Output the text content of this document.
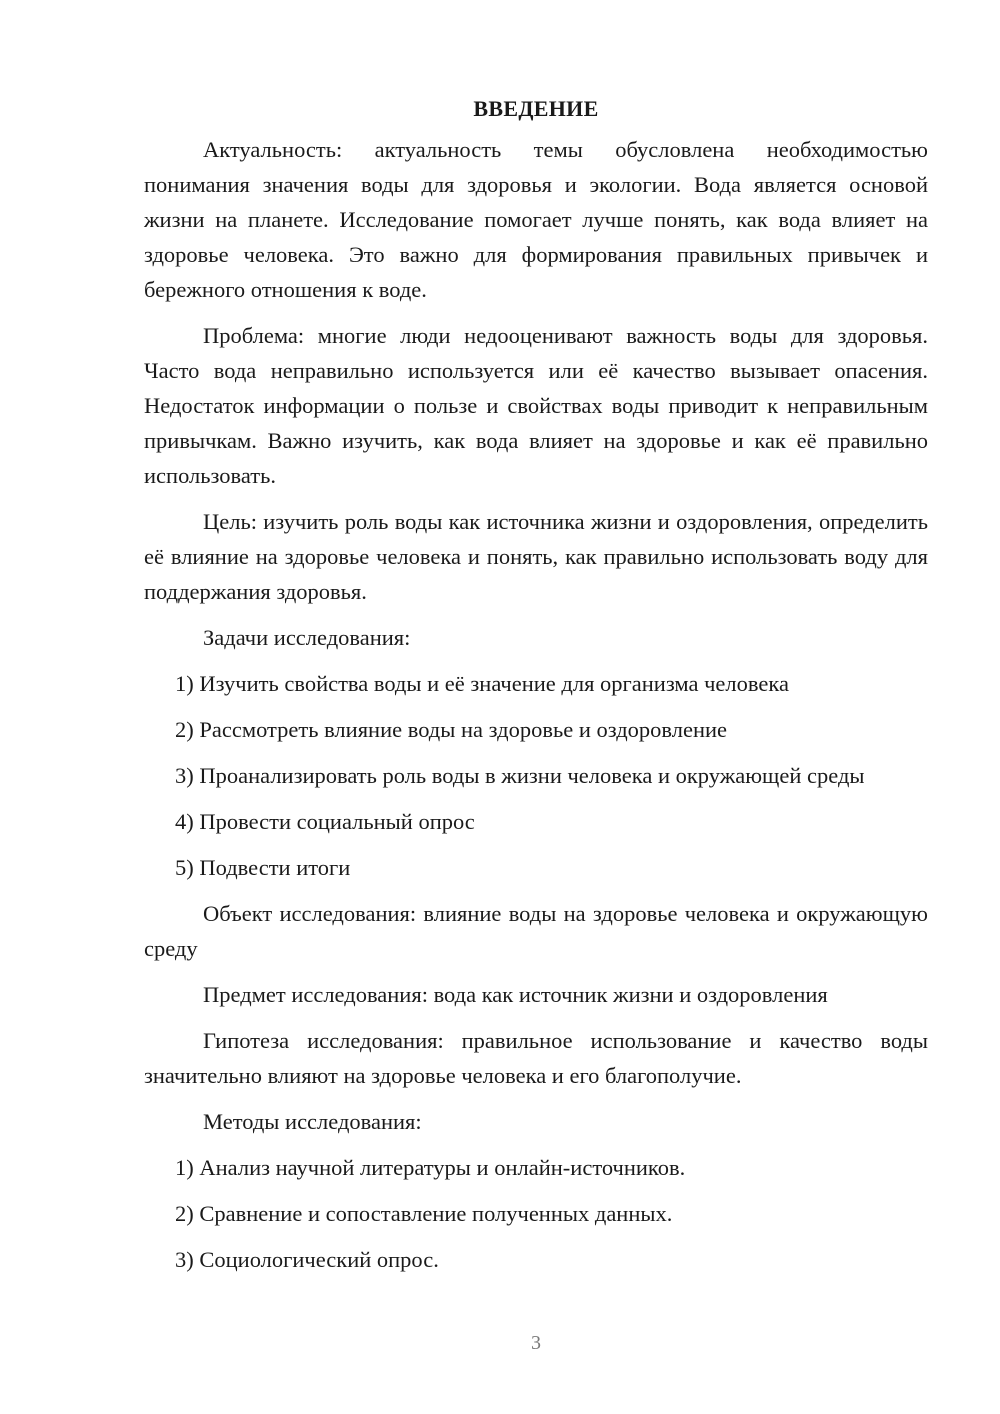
ВВЕДЕНИЕ

Актуальность: актуальность темы обусловлена необходимостью понимания значения воды для здоровья и экологии. Вода является основой жизни на планете. Исследование помогает лучше понять, как вода влияет на здоровье человека. Это важно для формирования правильных привычек и бережного отношения к воде.

Проблема: многие люди недооценивают важность воды для здоровья. Часто вода неправильно используется или её качество вызывает опасения. Недостаток информации о пользе и свойствах воды приводит к неправильным привычкам. Важно изучить, как вода влияет на здоровье и как её правильно использовать.

Цель: изучить роль воды как источника жизни и оздоровления, определить её влияние на здоровье человека и понять, как правильно использовать воду для поддержания здоровья.

Задачи исследования:

1) Изучить свойства воды и её значение для организма человека

2) Рассмотреть влияние воды на здоровье и оздоровление

3) Проанализировать роль воды в жизни человека и окружающей среды

4) Провести социальный опрос

5) Подвести итоги

Объект исследования: влияние воды на здоровье человека и окружающую среду

Предмет исследования: вода как источник жизни и оздоровления

Гипотеза исследования: правильное использование и качество воды значительно влияют на здоровье человека и его благополучие.

Методы исследования:

1) Анализ научной литературы и онлайн-источников.

2) Сравнение и сопоставление полученных данных.

3) Социологический опрос.

3
